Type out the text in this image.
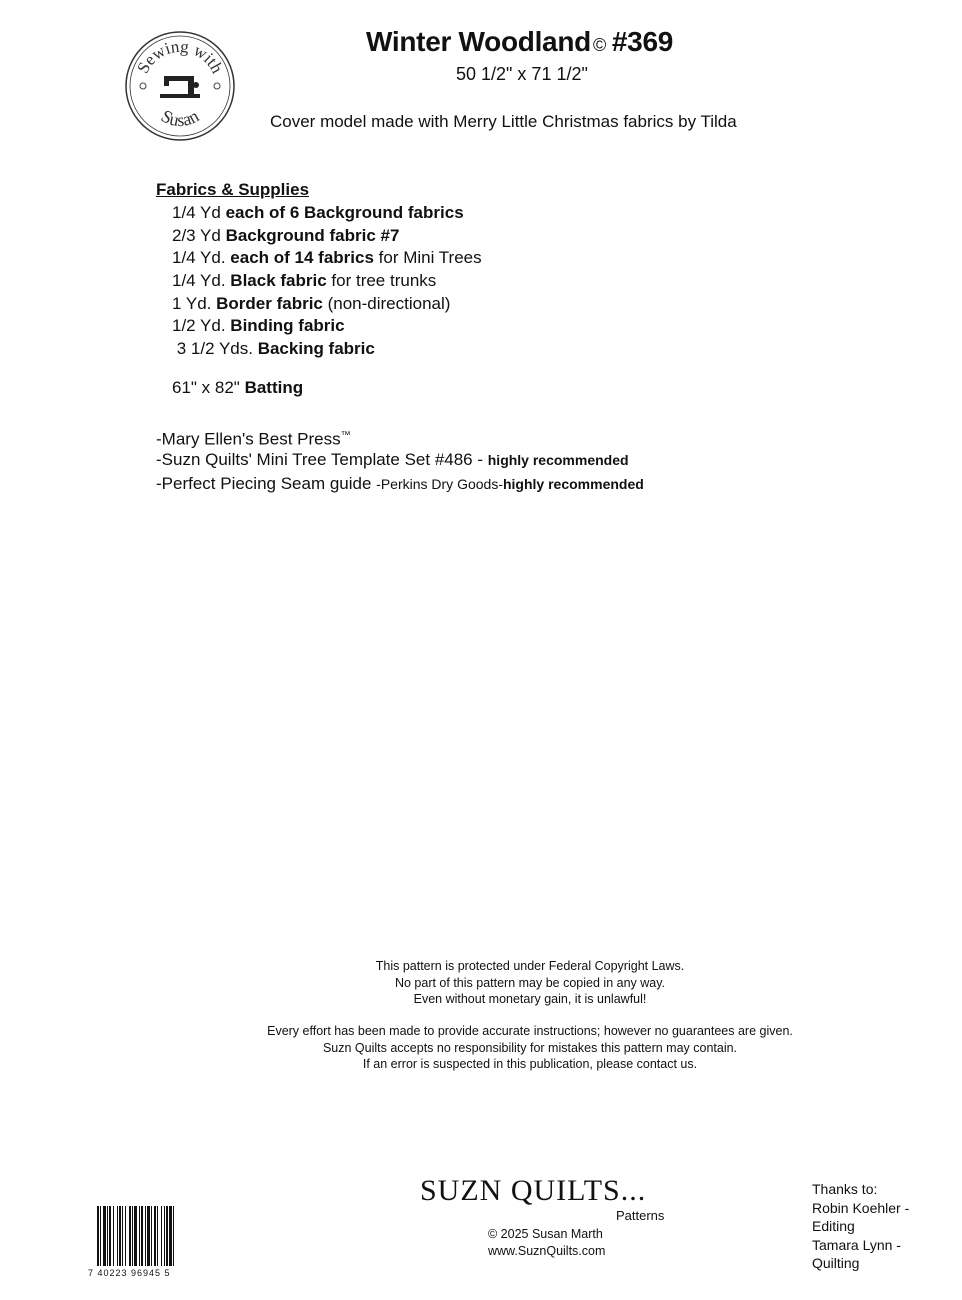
Sewing with
Susan
Winter Woodland © #369
50 1/2" x 71 1/2"
Cover model made with Merry Little Christmas fabrics by Tilda
Fabrics & Supplies
1/4 Yd each of 6 Background fabrics
2/3 Yd Background fabric #7
1/4 Yd. each of 14 fabrics for Mini Trees
1/4 Yd. Black fabric for tree trunks
1 Yd. Border fabric (non-directional)
1/2 Yd. Binding fabric
3 1/2 Yds. Backing fabric
61" x 82" Batting
-Mary Ellen's Best Press™
-Suzn Quilts' Mini Tree Template Set #486 - highly recommended
-Perfect Piecing Seam guide -Perkins Dry Goods-highly recommended
This pattern is protected under Federal Copyright Laws.
No part of this pattern may be copied in any way.
Even without monetary gain, it is unlawful!
Every effort has been made to provide accurate instructions; however no guarantees are given.
Suzn Quilts accepts no responsibility for mistakes this pattern may contain.
If an error is suspected in this publication, please contact us.
SUZN QUILTS...
Patterns
© 2025 Susan Marth
www.SuznQuilts.com
Thanks to:
Robin Koehler -
Editing
Tamara Lynn -
Quilting
7 40223 96945 5
